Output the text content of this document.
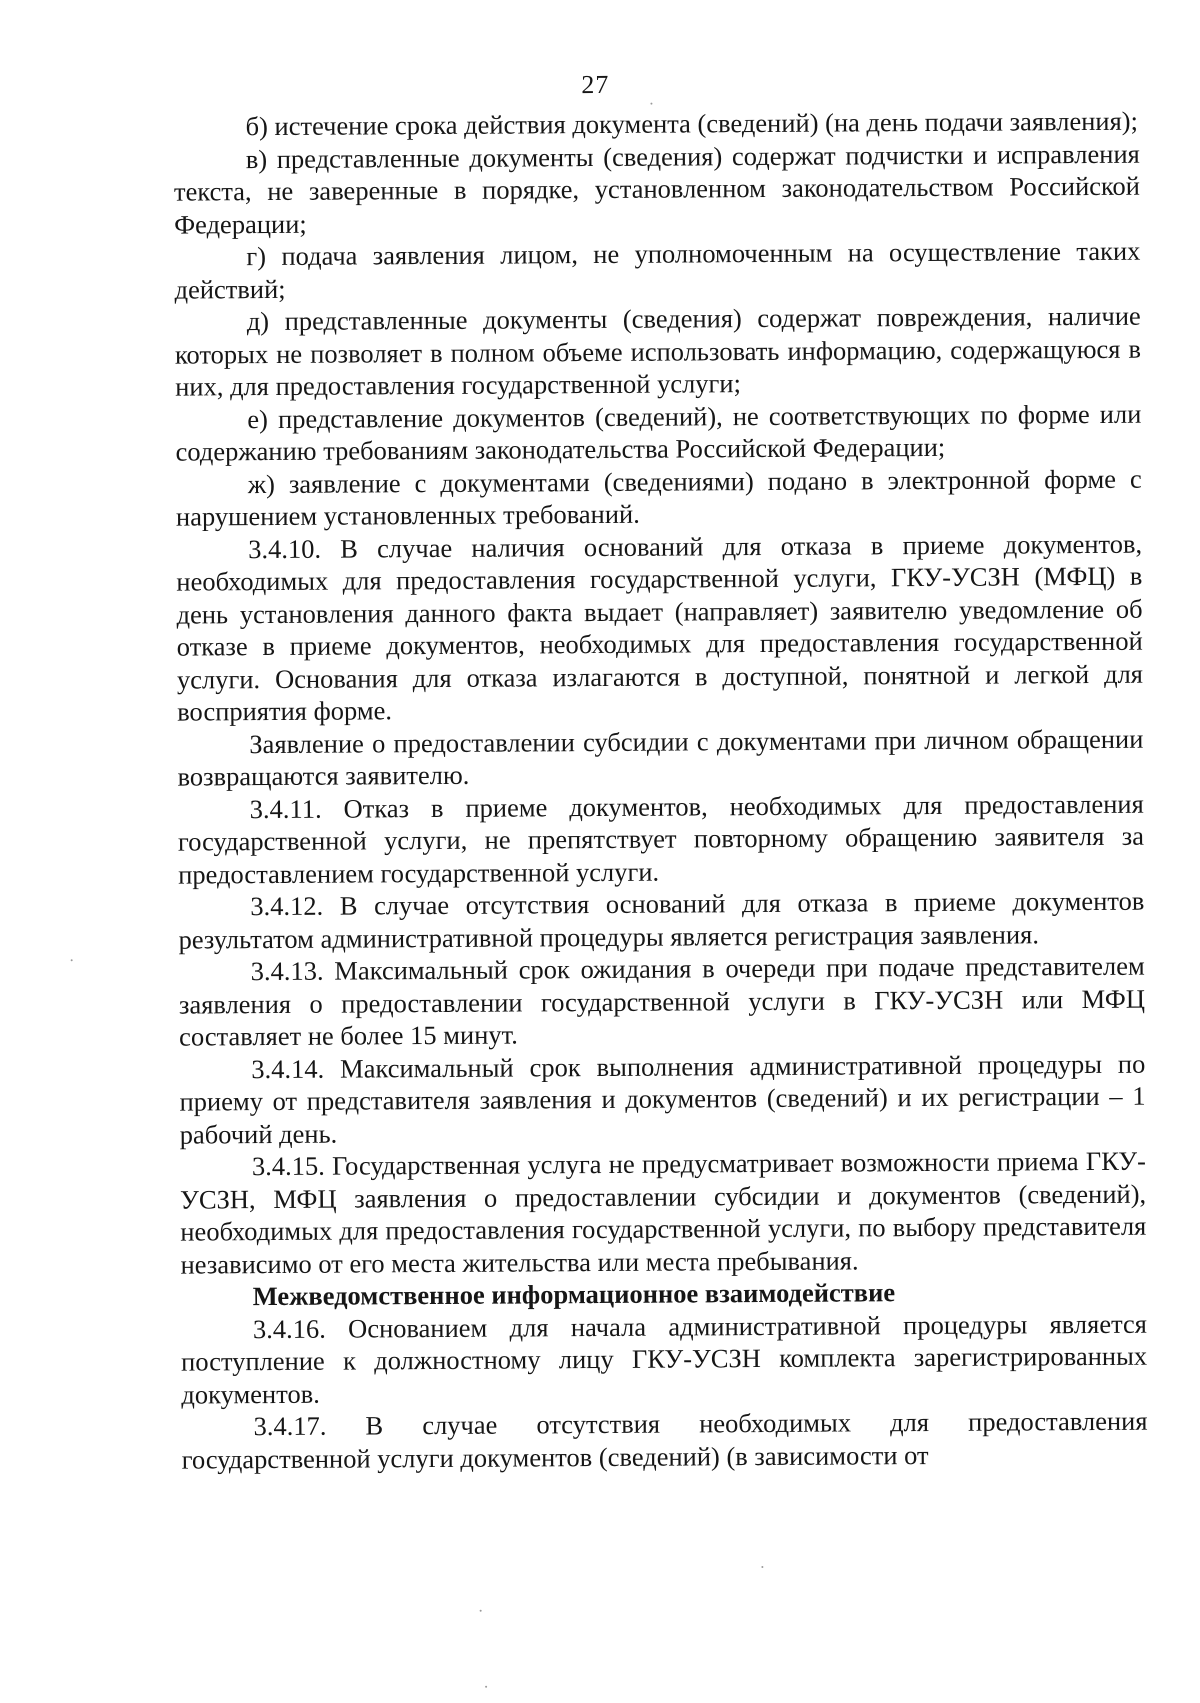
27

б) истечение срока действия документа (сведений) (на день подачи заявления);

в) представленные документы (сведения) содержат подчистки и исправления текста, не заверенные в порядке, установленном законодательством Российской Федерации;

г) подача заявления лицом, не уполномоченным на осуществление таких действий;

д) представленные документы (сведения) содержат повреждения, наличие которых не позволяет в полном объеме использовать информацию, содержащуюся в них, для предоставления государственной услуги;

е) представление документов (сведений), не соответствующих по форме или содержанию требованиям законодательства Российской Федерации;

ж) заявление с документами (сведениями) подано в электронной форме с нарушением установленных требований.

3.4.10. В случае наличия оснований для отказа в приеме документов, необходимых для предоставления государственной услуги, ГКУ-УСЗН (МФЦ) в день установления данного факта выдает (направляет) заявителю уведомление об отказе в приеме документов, необходимых для предоставления государственной услуги. Основания для отказа излагаются в доступной, понятной и легкой для восприятия форме.

Заявление о предоставлении субсидии с документами при личном обращении возвращаются заявителю.

3.4.11. Отказ в приеме документов, необходимых для предоставления государственной услуги, не препятствует повторному обращению заявителя за предоставлением государственной услуги.

3.4.12. В случае отсутствия оснований для отказа в приеме документов результатом административной процедуры является регистрация заявления.

3.4.13. Максимальный срок ожидания в очереди при подаче представителем заявления о предоставлении государственной услуги в ГКУ-УСЗН или МФЦ составляет не более 15 минут.

3.4.14. Максимальный срок выполнения административной процедуры по приему от представителя заявления и документов (сведений) и их регистрации – 1 рабочий день.

3.4.15. Государственная услуга не предусматривает возможности приема ГКУ-УСЗН, МФЦ заявления о предоставлении субсидии и документов (сведений), необходимых для предоставления государственной услуги, по выбору представителя независимо от его места жительства или места пребывания.

Межведомственное информационное взаимодействие

3.4.16. Основанием для начала административной процедуры является поступление к должностному лицу ГКУ-УСЗН комплекта зарегистрированных документов.

3.4.17. В случае отсутствия необходимых для предоставления государственной услуги документов (сведений) (в зависимости от
